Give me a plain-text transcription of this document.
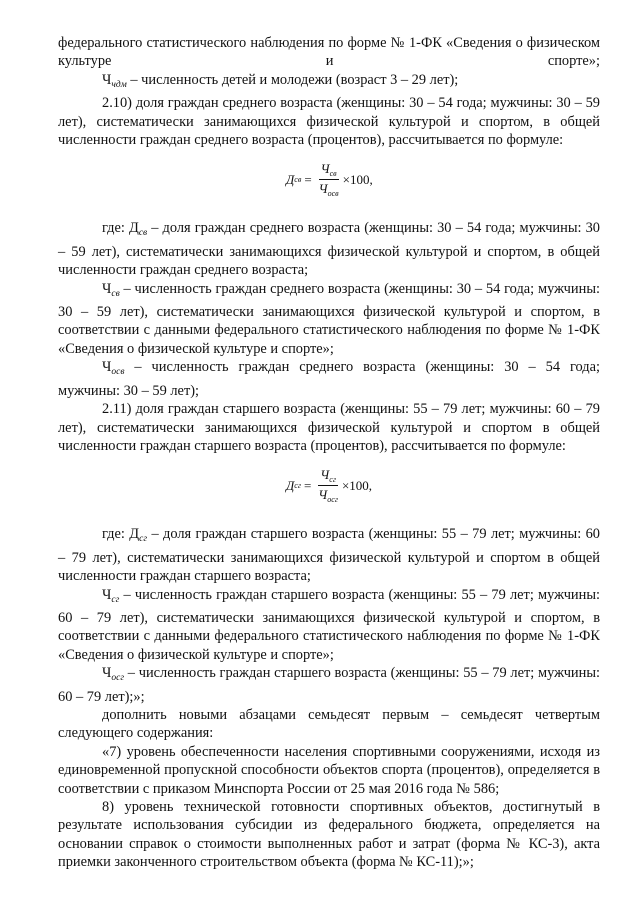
федерального статистического наблюдения по форме № 1-ФК «Сведения о физическом культуре и спорте»;

$Ч_{чдм}$ – численность детей и молодежи (возраст 3 – 29 лет);

2.10) доля граждан среднего возраста (женщины: 30 – 54 года; мужчины: 30 – 59 лет), систематически занимающихся физической культурой и спортом, в общей численности граждан среднего возраста (процентов), рассчитывается по формуле:

Д св = $\frac{Ч_{св}}{Ч_{осв}} \times 100$,

где: $Д_{св}$ – доля граждан среднего возраста (женщины: 30 – 54 года; мужчины: 30 – 59 лет), систематически занимающихся физической культурой и спортом, в общей численности граждан среднего возраста;

$Ч_{св}$ – численность граждан среднего возраста (женщины: 30 – 54 года; мужчины: 30 – 59 лет), систематически занимающихся физической культурой и спортом, в соответствии с данными федерального статистического наблюдения по форме № 1-ФК «Сведения о физической культуре и спорте»;

$Ч_{осв}$ – численность граждан среднего возраста (женщины: 30 – 54 года; мужчины: 30 – 59 лет);

2.11) доля граждан старшего возраста (женщины: 55 – 79 лет; мужчины: 60 – 79 лет), систематически занимающихся физической культурой и спортом в общей численности граждан старшего возраста (процентов), рассчитывается по формуле:

Д сг = $\frac{Ч_{сг}}{Ч_{осг}} \times 100$,

где: $Д_{сг}$ – доля граждан старшего возраста (женщины: 55 – 79 лет; мужчины: 60 – 79 лет), систематически занимающихся физической культурой и спортом в общей численности граждан старшего возраста;

$Ч_{сг}$ – численность граждан старшего возраста (женщины: 55 – 79 лет; мужчины: 60 – 79 лет), систематически занимающихся физической культурой и спортом, в соответствии с данными федерального статистического наблюдения по форме № 1-ФК «Сведения о физической культуре и спорте»;

$Ч_{осг}$ – численность граждан старшего возраста (женщины: 55 – 79 лет; мужчины: 60 – 79 лет);»;

дополнить новыми абзацами семьдесят первым – семьдесят четвертым следующего содержания:

«7) уровень обеспеченности населения спортивными сооружениями, исходя из единовременной пропускной способности объектов спорта (процентов), определяется в соответствии с приказом Минспорта России от 25 мая 2016 года № 586;

8) уровень технической готовности спортивных объектов, достигнутый в результате использования субсидии из федерального бюджета, определяется на основании справок о стоимости выполненных работ и затрат (форма № КС-3), акта приемки законченного строительством объекта (форма № КС-11);»;
